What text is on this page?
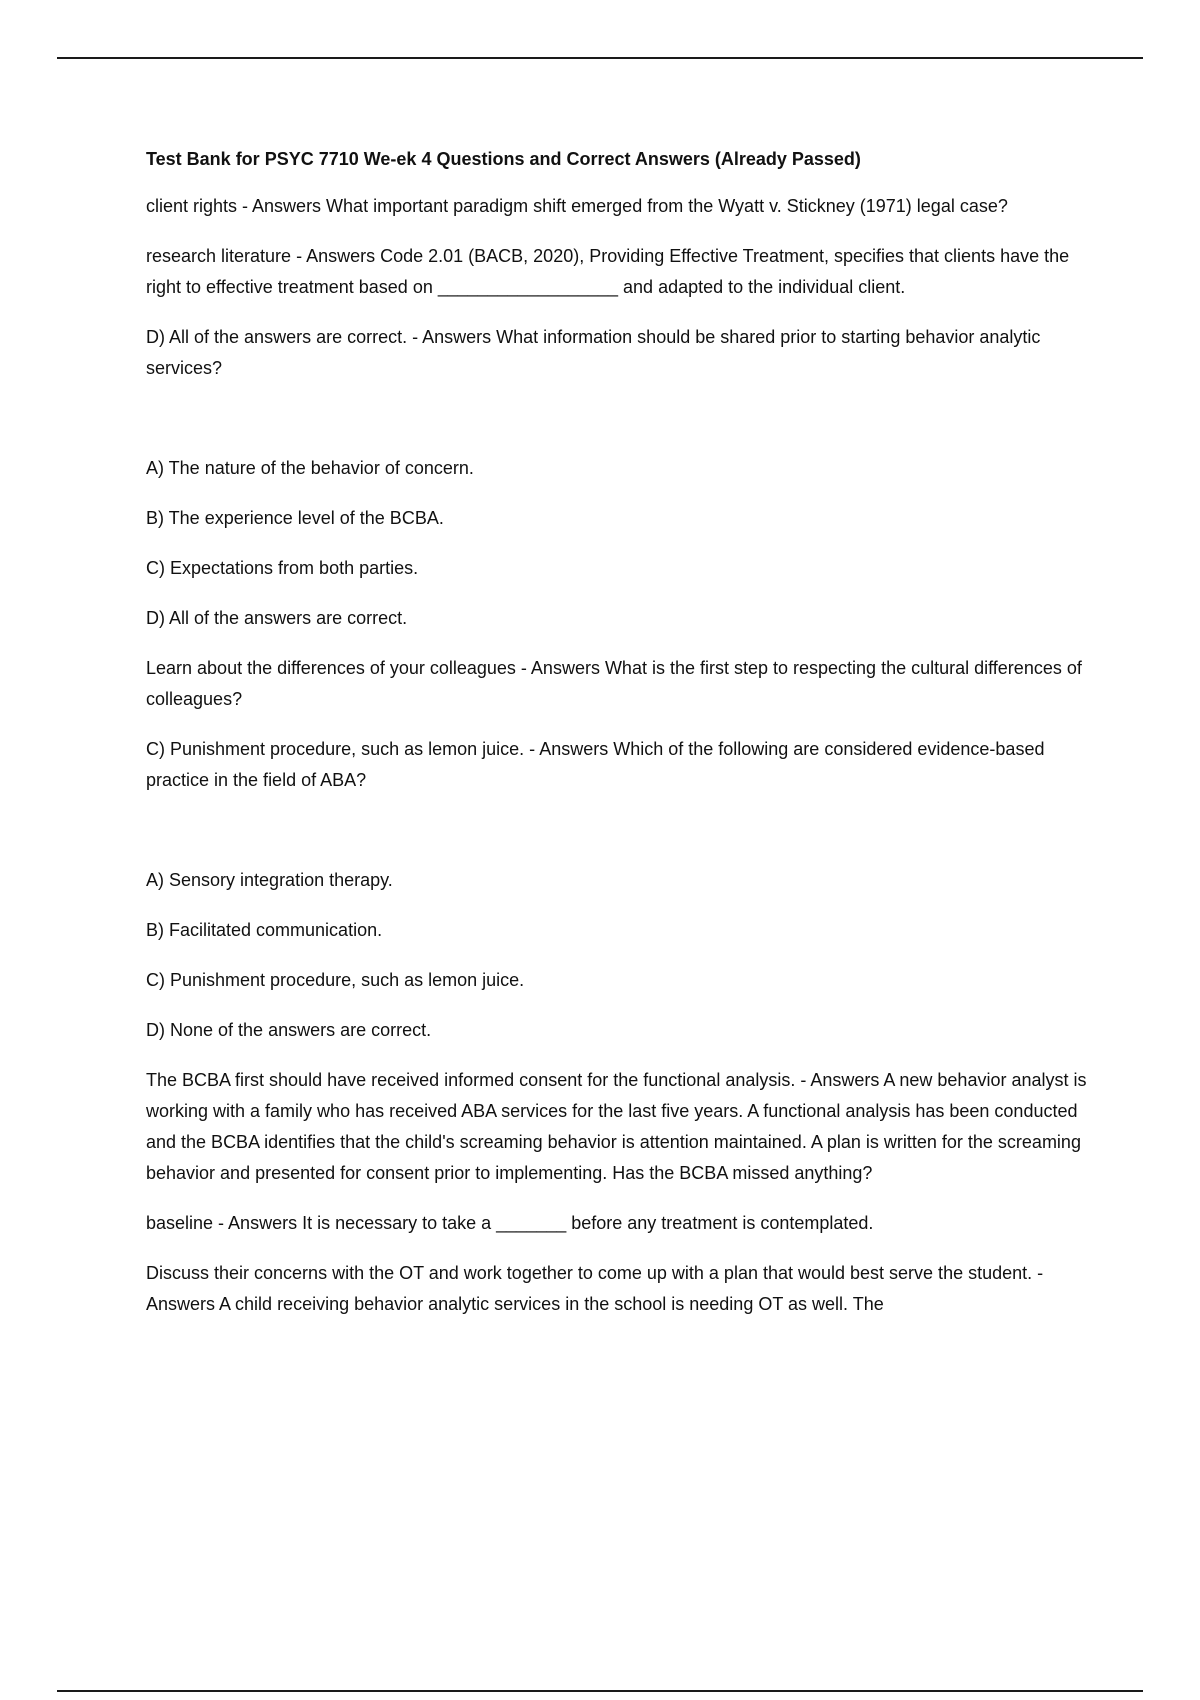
Test Bank for PSYC 7710 We-ek 4 Questions and Correct Answers (Already Passed)
client rights - Answers What important paradigm shift emerged from the Wyatt v. Stickney (1971) legal case?
research literature - Answers Code 2.01 (BACB, 2020), Providing Effective Treatment, specifies that clients have the right to effective treatment based on __________________ and adapted to the individual client.
D) All of the answers are correct. - Answers What information should be shared prior to starting behavior analytic services?
A) The nature of the behavior of concern.
B) The experience level of the BCBA.
C) Expectations from both parties.
D) All of the answers are correct.
Learn about the differences of your colleagues - Answers What is the first step to respecting the cultural differences of colleagues?
C) Punishment procedure, such as lemon juice. - Answers Which of the following are considered evidence-based practice in the field of ABA?
A) Sensory integration therapy.
B) Facilitated communication.
C) Punishment procedure, such as lemon juice.
D) None of the answers are correct.
The BCBA first should have received informed consent for the functional analysis. - Answers A new behavior analyst is working with a family who has received ABA services for the last five years. A functional analysis has been conducted and the BCBA identifies that the child's screaming behavior is attention maintained. A plan is written for the screaming behavior and presented for consent prior to implementing. Has the BCBA missed anything?
baseline - Answers It is necessary to take a _______ before any treatment is contemplated.
Discuss their concerns with the OT and work together to come up with a plan that would best serve the student. - Answers A child receiving behavior analytic services in the school is needing OT as well. The
